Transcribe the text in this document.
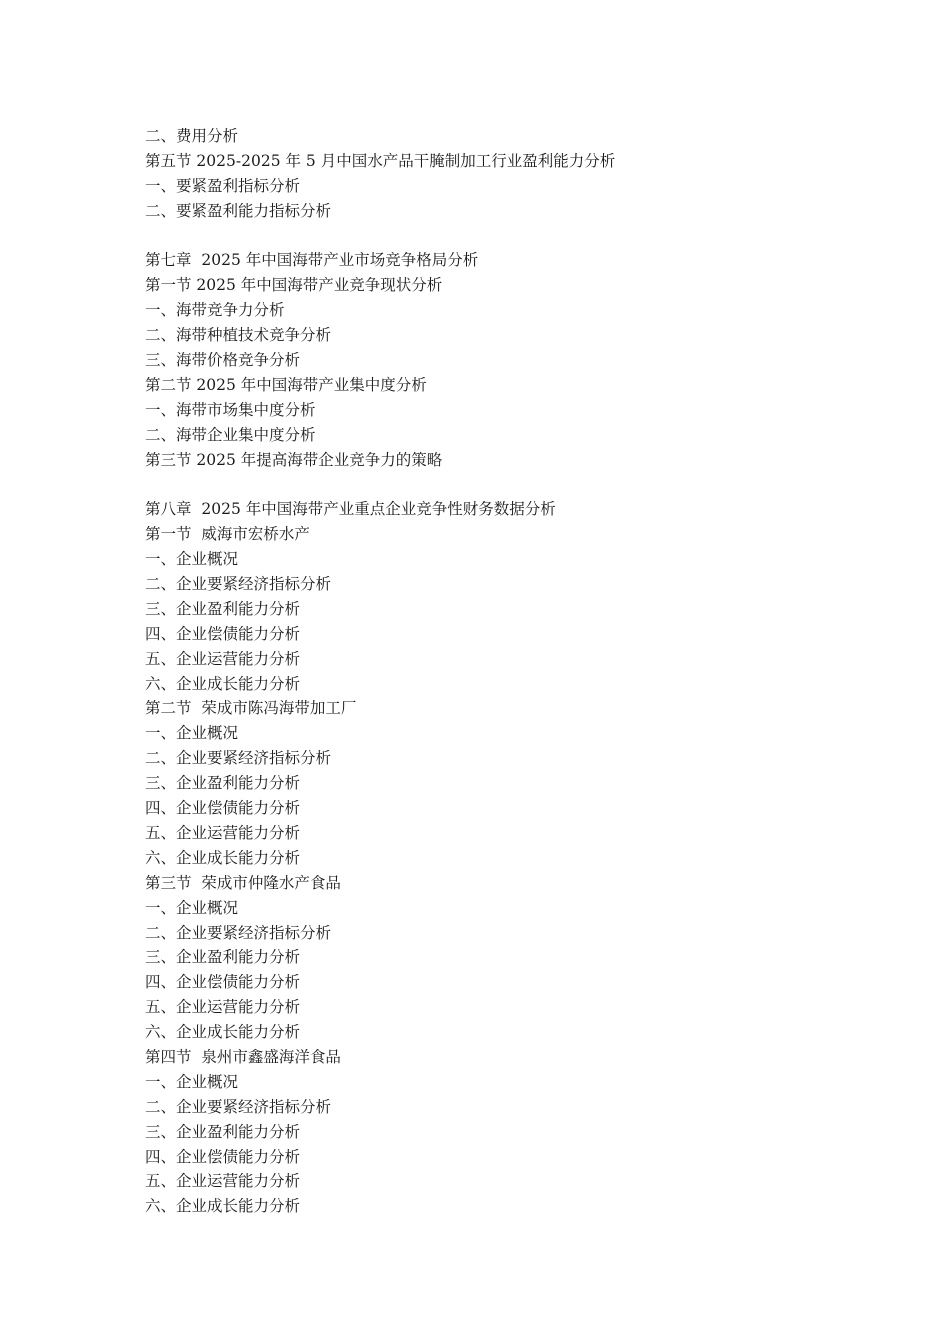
二、费用分析
第五节 2025-2025 年 5 月中国水产品干腌制加工行业盈利能力分析
一、要紧盈利指标分析
二、要紧盈利能力指标分析
第七章  2025 年中国海带产业市场竞争格局分析
第一节 2025 年中国海带产业竞争现状分析
一、海带竞争力分析
二、海带种植技术竞争分析
三、海带价格竞争分析
第二节 2025 年中国海带产业集中度分析
一、海带市场集中度分析
二、海带企业集中度分析
第三节 2025 年提高海带企业竞争力的策略
第八章  2025 年中国海带产业重点企业竞争性财务数据分析
第一节  威海市宏桥水产
一、企业概况
二、企业要紧经济指标分析
三、企业盈利能力分析
四、企业偿债能力分析
五、企业运营能力分析
六、企业成长能力分析
第二节  荣成市陈冯海带加工厂
一、企业概况
二、企业要紧经济指标分析
三、企业盈利能力分析
四、企业偿债能力分析
五、企业运营能力分析
六、企业成长能力分析
第三节  荣成市仲隆水产食品
一、企业概况
二、企业要紧经济指标分析
三、企业盈利能力分析
四、企业偿债能力分析
五、企业运营能力分析
六、企业成长能力分析
第四节  泉州市鑫盛海洋食品
一、企业概况
二、企业要紧经济指标分析
三、企业盈利能力分析
四、企业偿债能力分析
五、企业运营能力分析
六、企业成长能力分析
